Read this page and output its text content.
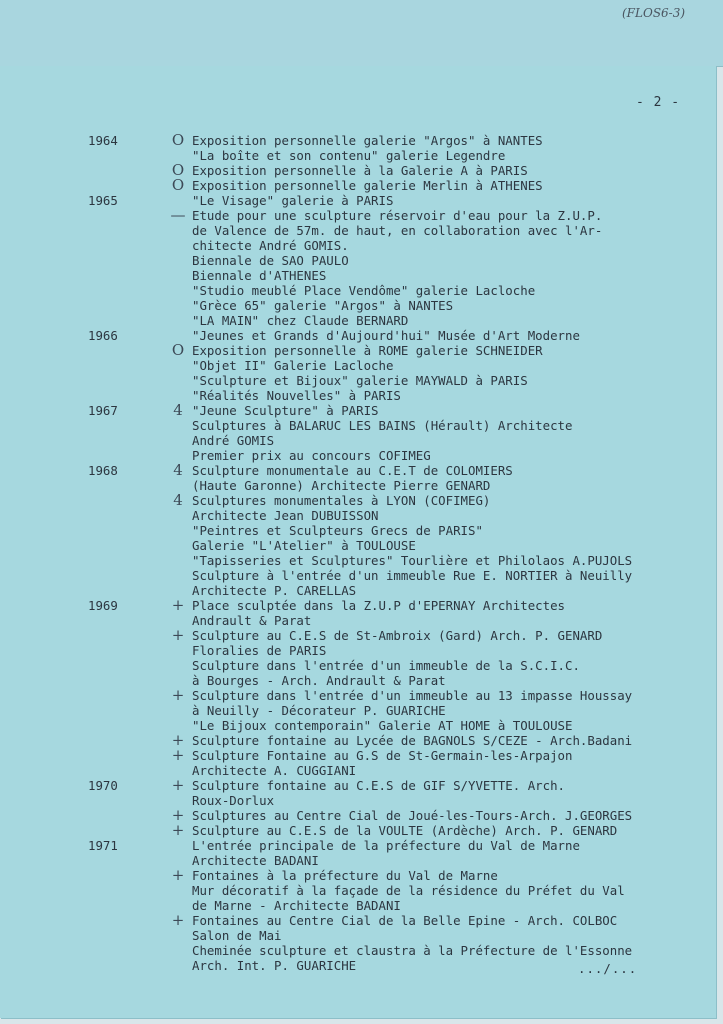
(FLOS6-3)
- 2 -
1964	O Exposition personnelle galerie "Argos" à NANTES
"La boîte et son contenu" galerie Legendre
O Exposition personnelle à la Galerie A à PARIS
O Exposition personnelle galerie Merlin à ATHENES
1965	"Le Visage" galerie à PARIS
— Etude pour une sculpture réservoir d'eau pour la Z.U.P.
de Valence de 57m. de haut, en collaboration avec l'Ar-
chitecte André GOMIS.
Biennale de SAO PAULO
Biennale d'ATHENES
"Studio meublé Place Vendôme" galerie Lacloche
"Grèce 65" galerie "Argos" à NANTES
"LA MAIN" chez Claude BERNARD
1966	"Jeunes et Grands d'Aujourd'hui" Musée d'Art Moderne
O Exposition personnelle à ROME galerie SCHNEIDER
"Objet II" Galerie Lacloche
"Sculpture et Bijoux" galerie MAYWALD à PARIS
"Réalités Nouvelles" à PARIS
1967	4 "Jeune Sculpture" à PARIS
Sculptures à BALARUC LES BAINS (Hérault) Architecte
André GOMIS
Premier prix au concours COFIMEG
1968	4 Sculpture monumentale au C.E.T de COLOMIERS
(Haute Garonne) Architecte Pierre GENARD
4 Sculptures monumentales à LYON (COFIMEG)
Architecte Jean DUBUISSON
"Peintres et Sculpteurs Grecs de PARIS"
Galerie "L'Atelier" à TOULOUSE
"Tapisseries et Sculptures" Tourlière et Philolaos A.PUJOLS
Sculpture à l'entrée d'un immeuble Rue E. NORTIER à Neuilly
Architecte P. CARELLAS
1969	+ Place sculptée dans la Z.U.P d'EPERNAY Architectes
Andrault & Parat
+ Sculpture au C.E.S de St-Ambroix (Gard) Arch. P. GENARD
Floralies de PARIS
Sculpture dans l'entrée d'un immeuble de la S.C.I.C.
à Bourges - Arch. Andrault & Parat
+ Sculpture dans l'entrée d'un immeuble au 13 impasse Houssay
à Neuilly - Décorateur P. GUARICHE
"Le Bijoux contemporain" Galerie AT HOME à TOULOUSE
+ Sculpture fontaine au Lycée de BAGNOLS S/CEZE - Arch.Badani
+ Sculpture Fontaine au G.S de St-Germain-les-Arpajon
Architecte A. CUGGIANI
1970	+ Sculpture fontaine au C.E.S de GIF S/YVETTE. Arch.
Roux-Dorlux
+ Sculptures au Centre Cial de Joué-les-Tours-Arch. J.GEORGES
+ Sculpture au C.E.S de la VOULTE (Ardèche) Arch. P. GENARD
1971	L'entrée principale de la préfecture du Val de Marne
Architecte BADANI
+ Fontaines à la préfecture du Val de Marne
Mur décoratif à la façade de la résidence du Préfet du Val
de Marne - Architecte BADANI
+ Fontaines au Centre Cial de la Belle Epine - Arch. COLBOC
Salon de Mai
Cheminée sculpture et claustra à la Préfecture de l'Essonne
Arch. Int. P. GUARICHE	.../...
